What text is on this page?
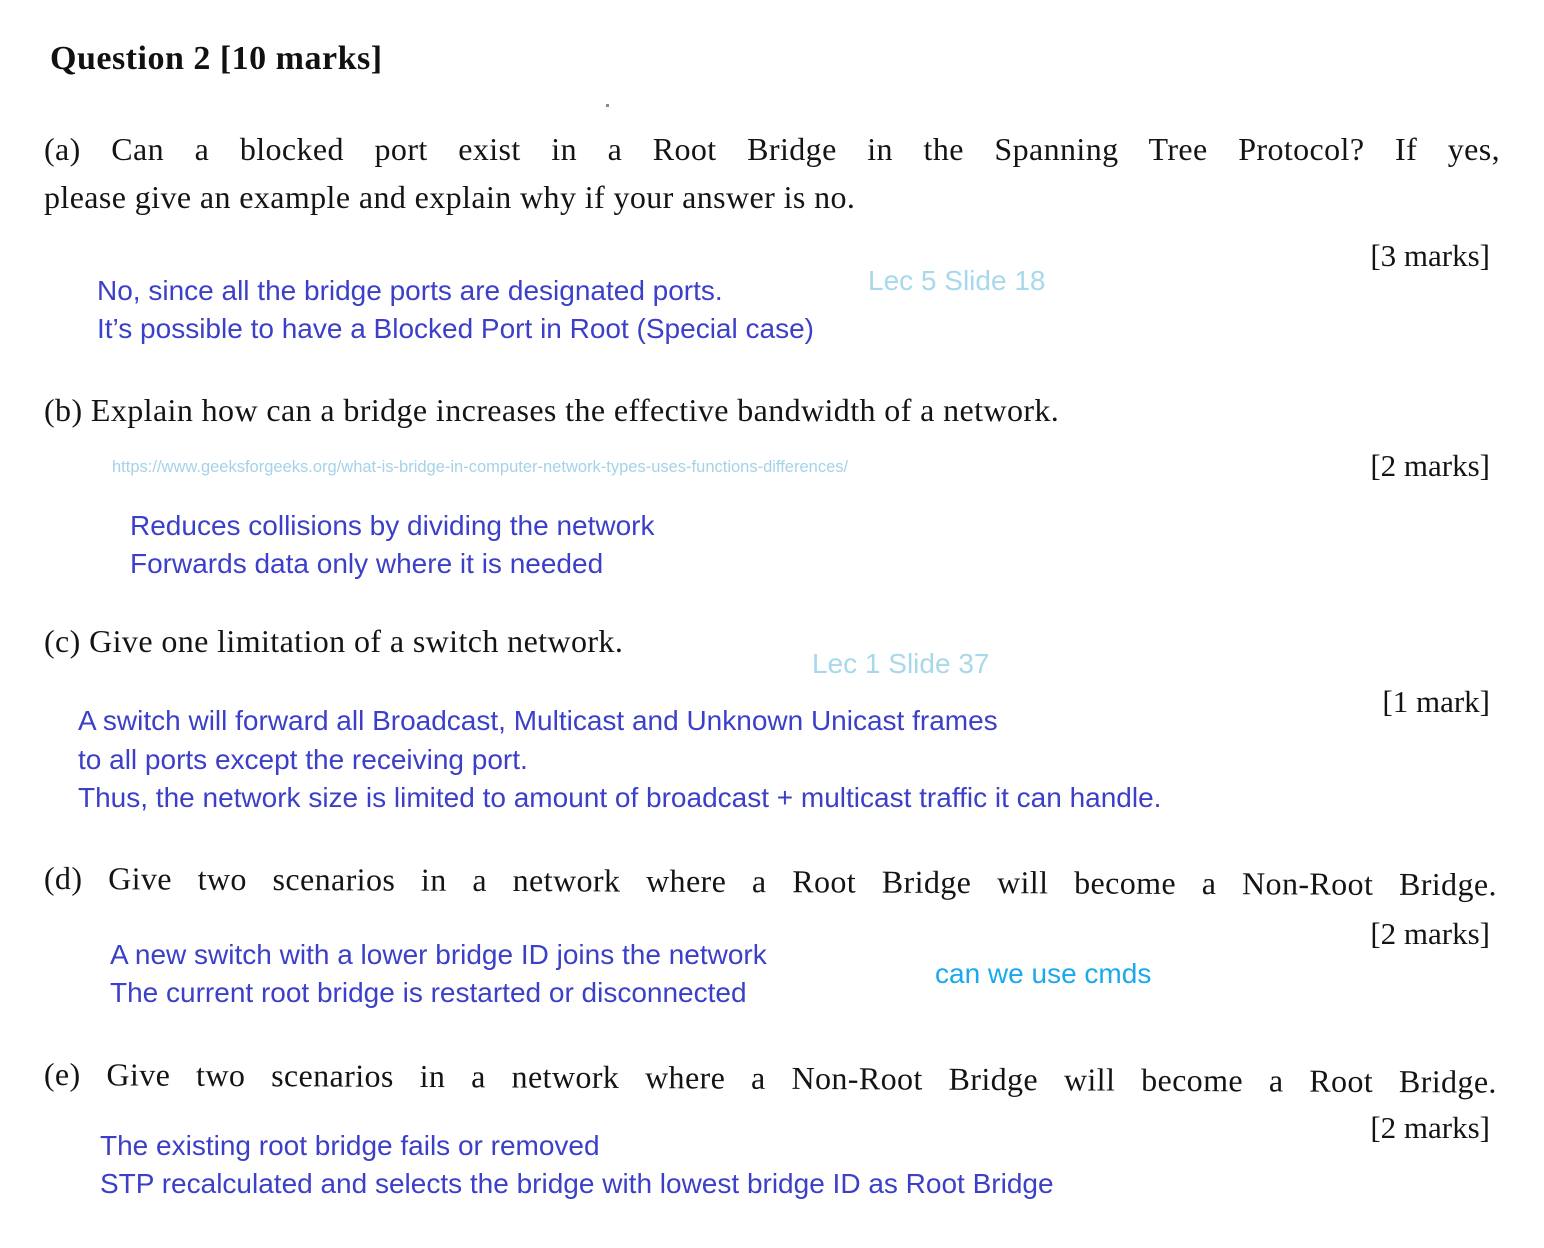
Question 2 [10 marks]
(a) Can a blocked port exist in a Root Bridge in the Spanning Tree Protocol? If yes,
please give an example and explain why if your answer is no.
[3 marks]
Lec 5 Slide 18
No, since all the bridge ports are designated ports.
It’s possible to have a Blocked Port in Root (Special case)
(b) Explain how can a bridge increases the effective bandwidth of a network.
[2 marks]
https://www.geeksforgeeks.org/what-is-bridge-in-computer-network-types-uses-functions-differences/
Reduces collisions by dividing the network
Forwards data only where it is needed
(c) Give one limitation of a switch network.
Lec 1 Slide 37
[1 mark]
A switch will forward all Broadcast, Multicast and Unknown Unicast frames
to all ports except the receiving port.
Thus, the network size is limited to amount of broadcast + multicast traffic it can handle.
(d) Give two scenarios in a network where a Root Bridge will become a Non-Root Bridge.
[2 marks]
A new switch with a lower bridge ID joins the network
The current root bridge is restarted or disconnected
can we use cmds
(e) Give two scenarios in a network where a Non-Root Bridge will become a Root Bridge.
[2 marks]
The existing root bridge fails or removed
STP recalculated and selects the bridge with lowest bridge ID as Root Bridge
